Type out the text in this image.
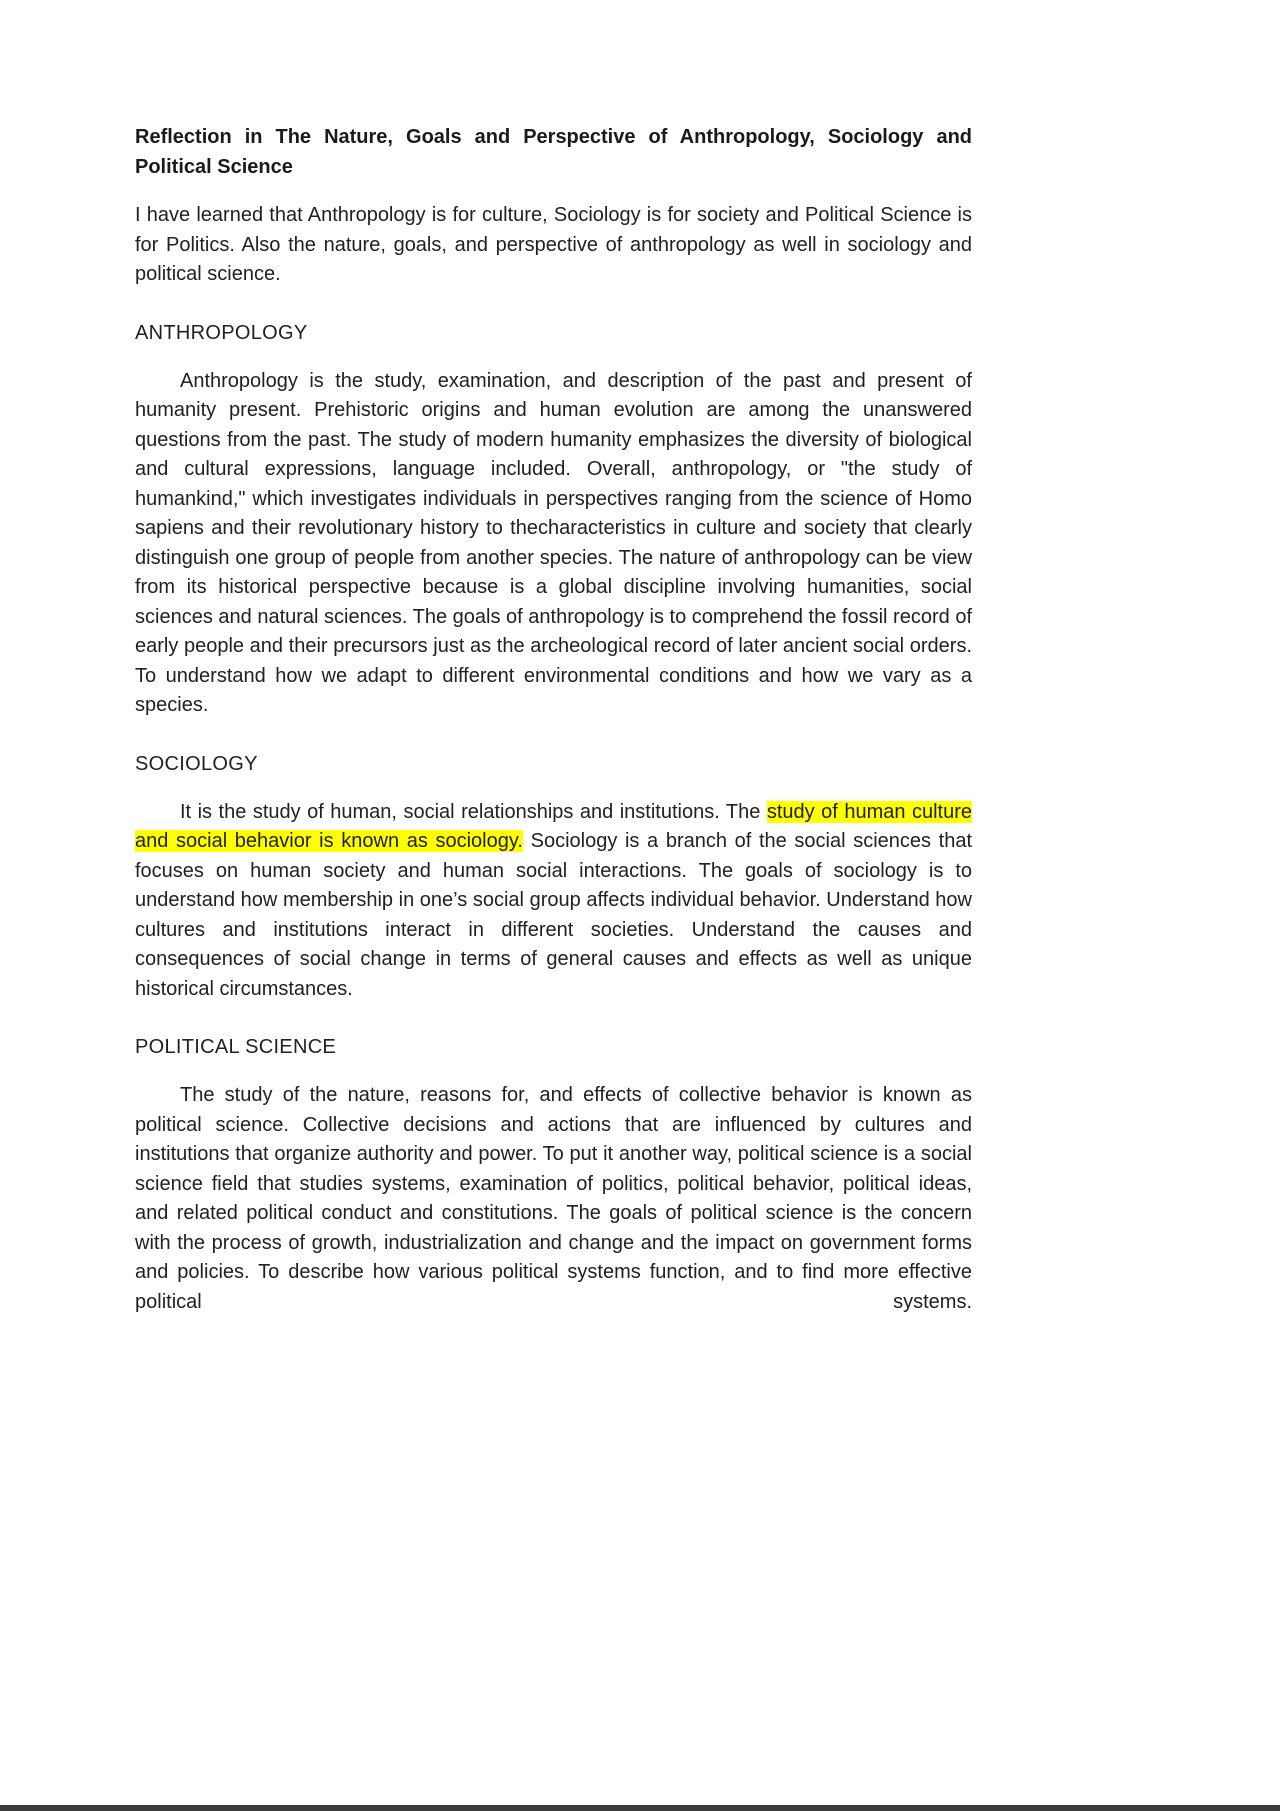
Reflection in The Nature, Goals and Perspective of Anthropology, Sociology and Political Science

I have learned that Anthropology is for culture, Sociology is for society and Political Science is for Politics. Also the nature, goals, and perspective of anthropology as well in sociology and political science.

ANTHROPOLOGY

Anthropology is the study, examination, and description of the past and present of humanity present. Prehistoric origins and human evolution are among the unanswered questions from the past. The study of modern humanity emphasizes the diversity of biological and cultural expressions, language included. Overall, anthropology, or "the study of humankind," which investigates individuals in perspectives ranging from the science of Homo sapiens and their revolutionary history to thecharacteristics in culture and society that clearly distinguish one group of people from another species. The nature of anthropology can be view from its historical perspective because is a global discipline involving humanities, social sciences and natural sciences. The goals of anthropology is to comprehend the fossil record of early people and their precursors just as the archeological record of later ancient social orders. To understand how we adapt to different environmental conditions and how we vary as a species.

SOCIOLOGY

It is the study of human, social relationships and institutions. The study of human culture and social behavior is known as sociology. Sociology is a branch of the social sciences that focuses on human society and human social interactions. The goals of sociology is to understand how membership in one’s social group affects individual behavior. Understand how cultures and institutions interact in different societies. Understand the causes and consequences of social change in terms of general causes and effects as well as unique historical circumstances.

POLITICAL SCIENCE

The study of the nature, reasons for, and effects of collective behavior is known as political science. Collective decisions and actions that are influenced by cultures and institutions that organize authority and power. To put it another way, political science is a social science field that studies systems, examination of politics, political behavior, political ideas, and related political conduct and constitutions. The goals of political science is the concern with the process of growth, industrialization and change and the impact on government forms and policies. To describe how various political systems function, and to find more effective political systems.
